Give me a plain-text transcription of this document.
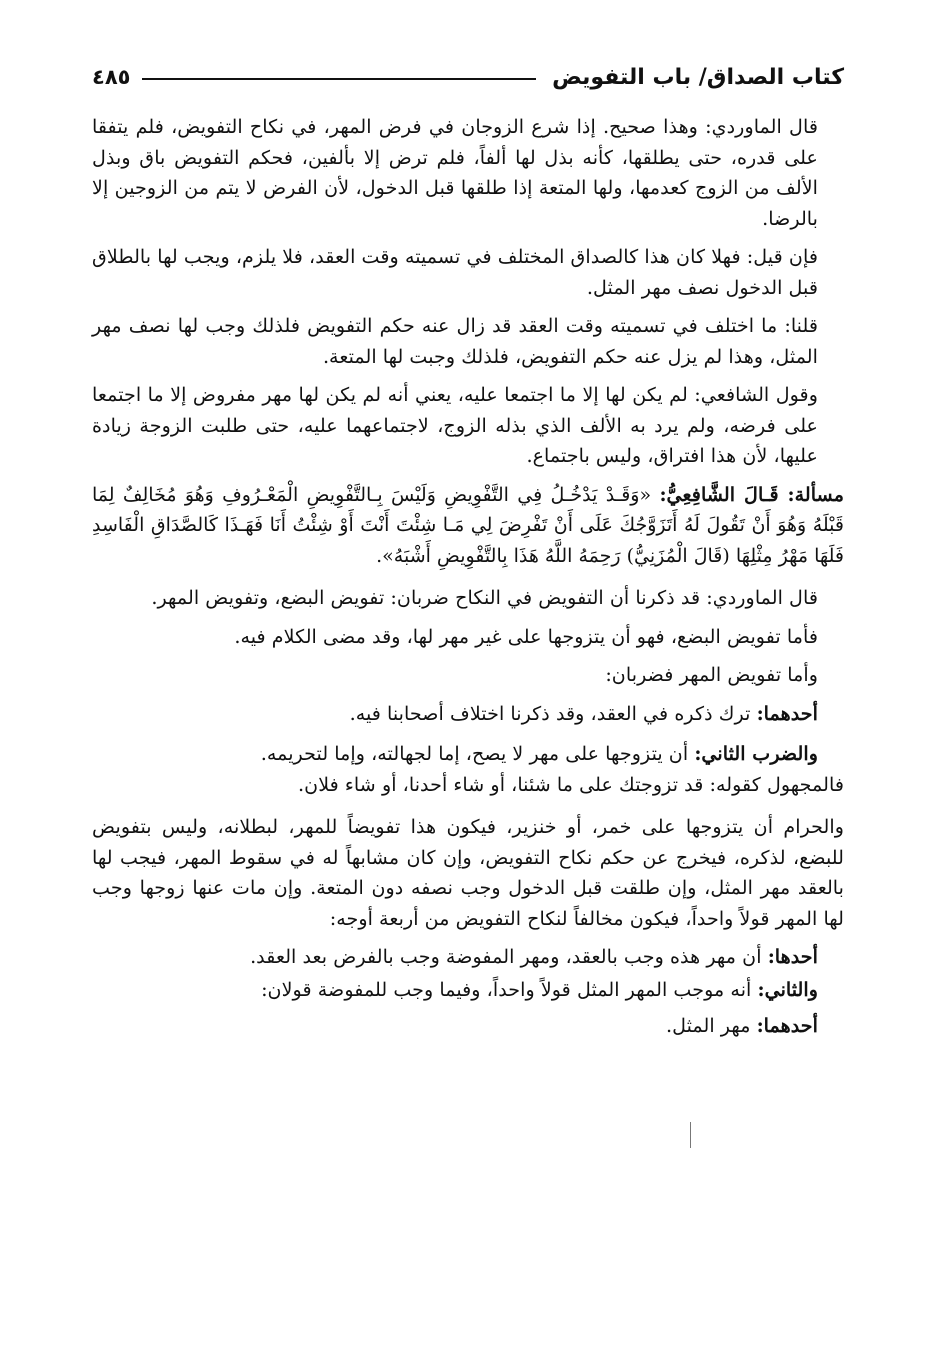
كتاب الصداق/ باب التفويض
٤٨٥

قال الماوردي: وهذا صحيح. إذا شرع الزوجان في فرض المهر، في نكاح التفويض، فلم يتفقا على قدره، حتى يطلقها، كأنه بذل لها ألفاً، فلم ترض إلا بألفين، فحكم التفويض باق وبذل الألف من الزوج كعدمها، ولها المتعة إذا طلقها قبل الدخول، لأن الفرض لا يتم من الزوجين إلا بالرضا.

فإن قيل: فهلا كان هذا كالصداق المختلف في تسميته وقت العقد، فلا يلزم، ويجب لها بالطلاق قبل الدخول نصف مهر المثل.

قلنا: ما اختلف في تسميته وقت العقد قد زال عنه حكم التفويض فلذلك وجب لها نصف مهر المثل، وهذا لم يزل عنه حكم التفويض، فلذلك وجبت لها المتعة.

وقول الشافعي: لم يكن لها إلا ما اجتمعا عليه، يعني أنه لم يكن لها مهر مفروض إلا ما اجتمعا على فرضه، ولم يرد به الألف الذي بذله الزوج، لاجتماعهما عليه، حتى طلبت الزوجة زيادة عليها، لأن هذا افتراق، وليس باجتماع.

مسألة: قَـالَ الشَّافِعِيُّ: «وَقَـدْ يَدْخُـلُ فِي التَّفْوِيضِ وَلَيْسَ بِـالتَّفْوِيضِ الْمَعْـرُوفِ وَهُوَ مُخَالِفٌ لِمَا قَبْلَهُ وَهُوَ أَنْ تَقُولَ لَهُ أَتَزَوَّجُكَ عَلَى أَنْ تَفْرِضَ لِي مَـا شِئْتَ أَنْتَ أَوْ شِئْتُ أَنَا فَهَـذَا كَالصَّدَاقِ الْفَاسِدِ فَلَهَا مَهْرُ مِثْلِهَا (قَالَ الْمُزَنِيُّ) رَحِمَهُ اللَّهُ هَذَا بِالتَّفْوِيضِ أَشْبَهُ».

قال الماوردي: قد ذكرنا أن التفويض في النكاح ضربان: تفويض البضع، وتفويض المهر.

فأما تفويض البضع، فهو أن يتزوجها على غير مهر لها، وقد مضى الكلام فيه.

وأما تفويض المهر فضربان:

أحدهما: ترك ذكره في العقد، وقد ذكرنا اختلاف أصحابنا فيه.

والضرب الثاني: أن يتزوجها على مهر لا يصح، إما لجهالته، وإما لتحريمه.

فالمجهول كقوله: قد تزوجتك على ما شئنا، أو شاء أحدنا، أو شاء فلان.

والحرام أن يتزوجها على خمر، أو خنزير، فيكون هذا تفويضاً للمهر، لبطلانه، وليس بتفويض للبضع، لذكره، فيخرج عن حكم نكاح التفويض، وإن كان مشابهاً له في سقوط المهر، فيجب لها بالعقد مهر المثل، وإن طلقت قبل الدخول وجب نصفه دون المتعة. وإن مات عنها زوجها وجب لها المهر قولاً واحداً، فيكون مخالفاً لنكاح التفويض من أربعة أوجه:

أحدها: أن مهر هذه وجب بالعقد، ومهر المفوضة وجب بالفرض بعد العقد.

والثاني: أنه موجب المهر المثل قولاً واحداً، وفيما وجب للمفوضة قولان:

أحدهما: مهر المثل.
